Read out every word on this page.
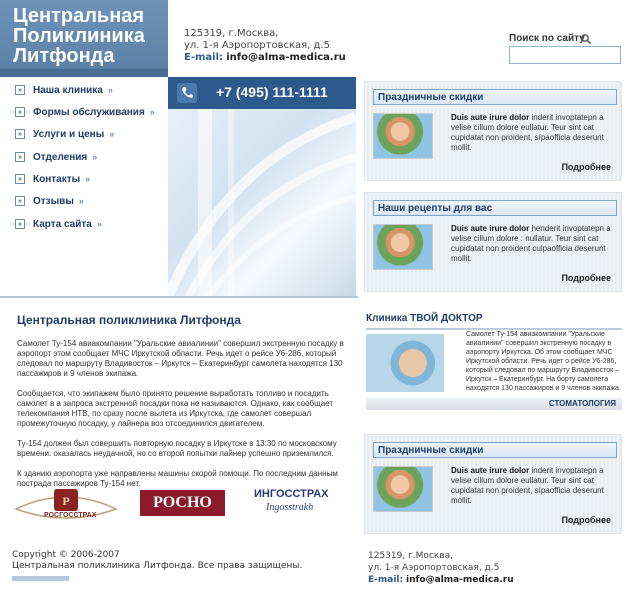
Центральная
Поликлиника
Литфонда
125319, г.Москва,
ул. 1-я Аэропортовская, д.5
E-mail: info@alma-medica.ru
Поиск по сайту
»	Наша клиника »
»	Формы обслуживания »
»	Услуги и цены »
»	Отделения »
»	Контакты »
»	Отзывы »
»	Карта сайта »
+7 (495) 111-1111	Праздничные скидки
Duis aute irure dolor inderit invoptatepn a velise cillum dolore eullatur. Teur sint cat cupidatat non proident, sípaofficia deserunt mollit.
Подробнее
Наши рецепты для вас
Duis aute irure dolor henderit invoptatepn a velise cillum dolore : nullatur. Teur sint cat cupidatat non proident culpaofficia deserunt mollit.
Подробнее
Праздничные скидки
Duis aute irure dolor inderit invoptatepn a velise cillum dolore eullatur. Teur sint cat cupidatat non proident, sípaofficia deserunt mollit.
Подробнее
Центральная поликлиника Литфонда

Самолет Ту-154 авиакомпании "Уральские авиалинии" совершил экстренную посадку в аэропорт этом сообщает МЧС Иркутской области. Речь идет о рейсе У6-286, который следовал по маршруту Владивосток – Иркутск – Екатеринбург самолета находятся 130 пассажиров и 9 членов экипажа.

Сообщается, что экипажем было принято решение выработать топливо и посадить самолет в а запроса экстренной посадки пока не называются. Однако, как сообщает телекомпания НТВ, по сразу после вылета из Иркутска, где самолет совершал промежуточную посадку, у лайнера воз отсоединился двигателем.

Ту-154 должен был совершить повторную посадку в Иркутске в 13:30 по московскому времени. оказалась неудачной, но со второй попытки лайнер успешно приземлился.

К зданию аэропорта уже направлены машины скорой помощи. По последним данным пострада пассажиров Ту-154 нет.

P
РОСГОССТРАХ
РОСНО	ИНГОССТРАХ
Ingosstrakh
Клиника ТВОЙ ДОКТОР
Самолет Ту-154 авиакомпании "Уральские авиалинии" совершил экстренную посадку в аэропорту Иркутска. Об этом сообщает МЧС Иркутской области. Речь идет о рейсе У6-286, который следовал по маршруту Владивосток – Иркутск – Екатеринбург. На борту самолета находятся 130 пассажиров и 9 членов экипажа.
СТОМАТОЛОГИЯ
Copyright © 2006-2007
Центральная поликлиника Литфонда. Все права защищены.
125319, г.Москва,
ул. 1-я Аэропортовская, д.5
E-mail: info@alma-medica.ru
